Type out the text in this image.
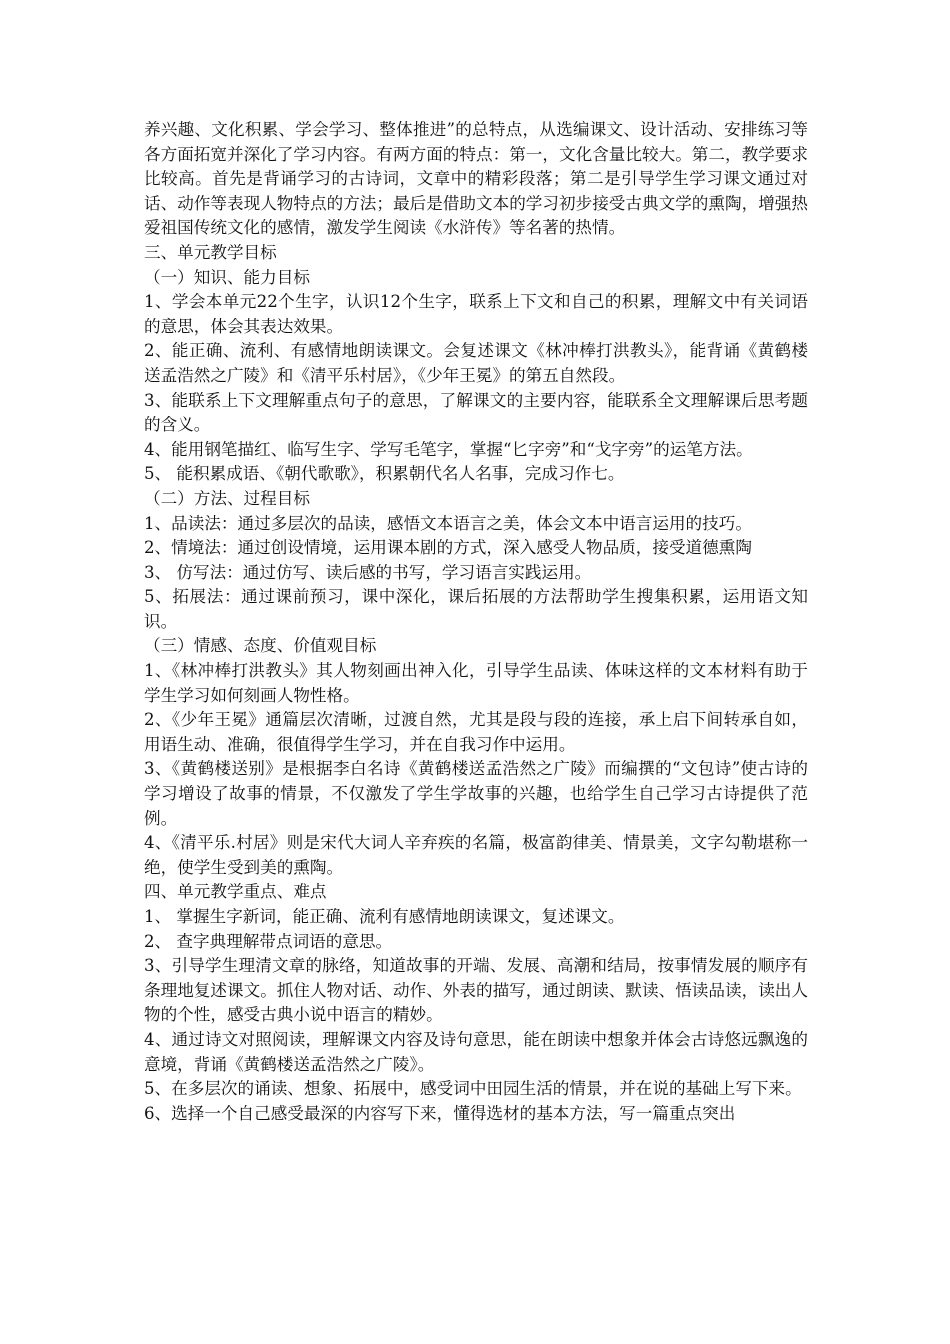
养兴趣、文化积累、学会学习、整体推进”的总特点，从选编课文、设计活动、安排练习等各方面拓宽并深化了学习内容。有两方面的特点：第一，文化含量比较大。第二，教学要求比较高。首先是背诵学习的古诗词，文章中的精彩段落；第二是引导学生学习课文通过对话、动作等表现人物特点的方法；最后是借助文本的学习初步接受古典文学的熏陶，增强热爱祖国传统文化的感情，激发学生阅读《水浒传》等名著的热情。

三、单元教学目标

（一）知识、能力目标

1、学会本单元22个生字，认识12个生字，联系上下文和自己的积累，理解文中有关词语的意思，体会其表达效果。

2、能正确、流利、有感情地朗读课文。会复述课文《林冲棒打洪教头》，能背诵《黄鹤楼送孟浩然之广陵》和《清平乐村居》，《少年王冕》的第五自然段。

3、能联系上下文理解重点句子的意思，了解课文的主要内容，能联系全文理解课后思考题的含义。

4、能用钢笔描红、临写生字、学写毛笔字，掌握“匕字旁”和“戈字旁”的运笔方法。

5、 能积累成语、《朝代歌歌》，积累朝代名人名事，完成习作七。

（二）方法、过程目标

1、品读法：通过多层次的品读，感悟文本语言之美，体会文本中语言运用的技巧。

2、情境法：通过创设情境，运用课本剧的方式，深入感受人物品质，接受道德熏陶

3、 仿写法：通过仿写、读后感的书写，学习语言实践运用。

5、拓展法：通过课前预习，课中深化，课后拓展的方法帮助学生搜集积累，运用语文知识。

（三）情感、态度、价值观目标

1、《林冲棒打洪教头》其人物刻画出神入化，引导学生品读、体味这样的文本材料有助于学生学习如何刻画人物性格。

2、《少年王冕》通篇层次清晰，过渡自然，尤其是段与段的连接，承上启下间转承自如，用语生动、准确，很值得学生学习，并在自我习作中运用。

3、《黄鹤楼送别》是根据李白名诗《黄鹤楼送孟浩然之广陵》而编撰的“文包诗”使古诗的学习增设了故事的情景，不仅激发了学生学故事的兴趣，也给学生自己学习古诗提供了范例。

4、《清平乐.村居》则是宋代大词人辛弃疾的名篇，极富韵律美、情景美，文字勾勒堪称一绝，使学生受到美的熏陶。

四、单元教学重点、难点

1、 掌握生字新词，能正确、流利有感情地朗读课文，复述课文。

2、 查字典理解带点词语的意思。

3、引导学生理清文章的脉络，知道故事的开端、发展、高潮和结局，按事情发展的顺序有条理地复述课文。抓住人物对话、动作、外表的描写，通过朗读、默读、悟读品读，读出人物的个性，感受古典小说中语言的精妙。

4、通过诗文对照阅读，理解课文内容及诗句意思，能在朗读中想象并体会古诗悠远飘逸的意境，背诵《黄鹤楼送孟浩然之广陵》。

5、在多层次的诵读、想象、拓展中，感受词中田园生活的情景，并在说的基础上写下来。

6、选择一个自己感受最深的内容写下来，懂得选材的基本方法，写一篇重点突出
